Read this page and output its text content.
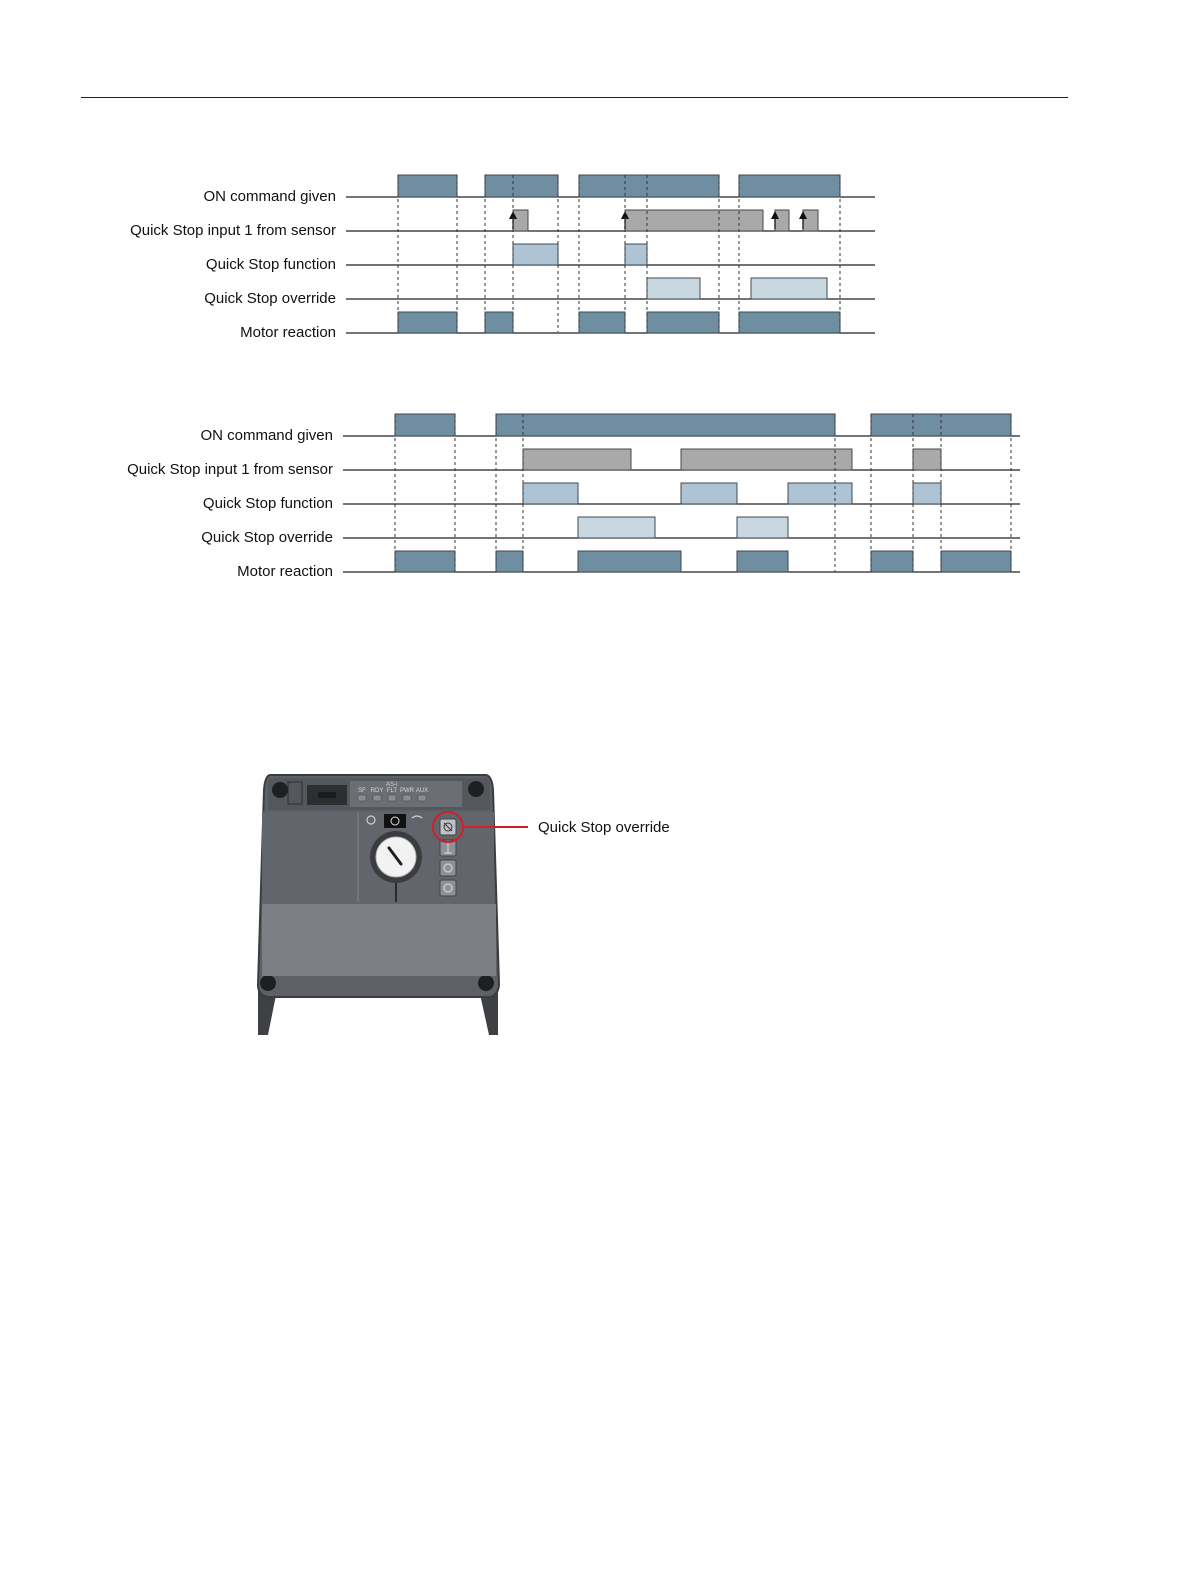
ON command given
Quick Stop input 1 from sensor
Quick Stop function
Quick Stop override
Motor reaction
ON command given
Quick Stop input 1 from sensor
Quick Stop function
Quick Stop override
Motor reaction
AS-i
SF RDY FLT PWR AUX
Quick Stop override
